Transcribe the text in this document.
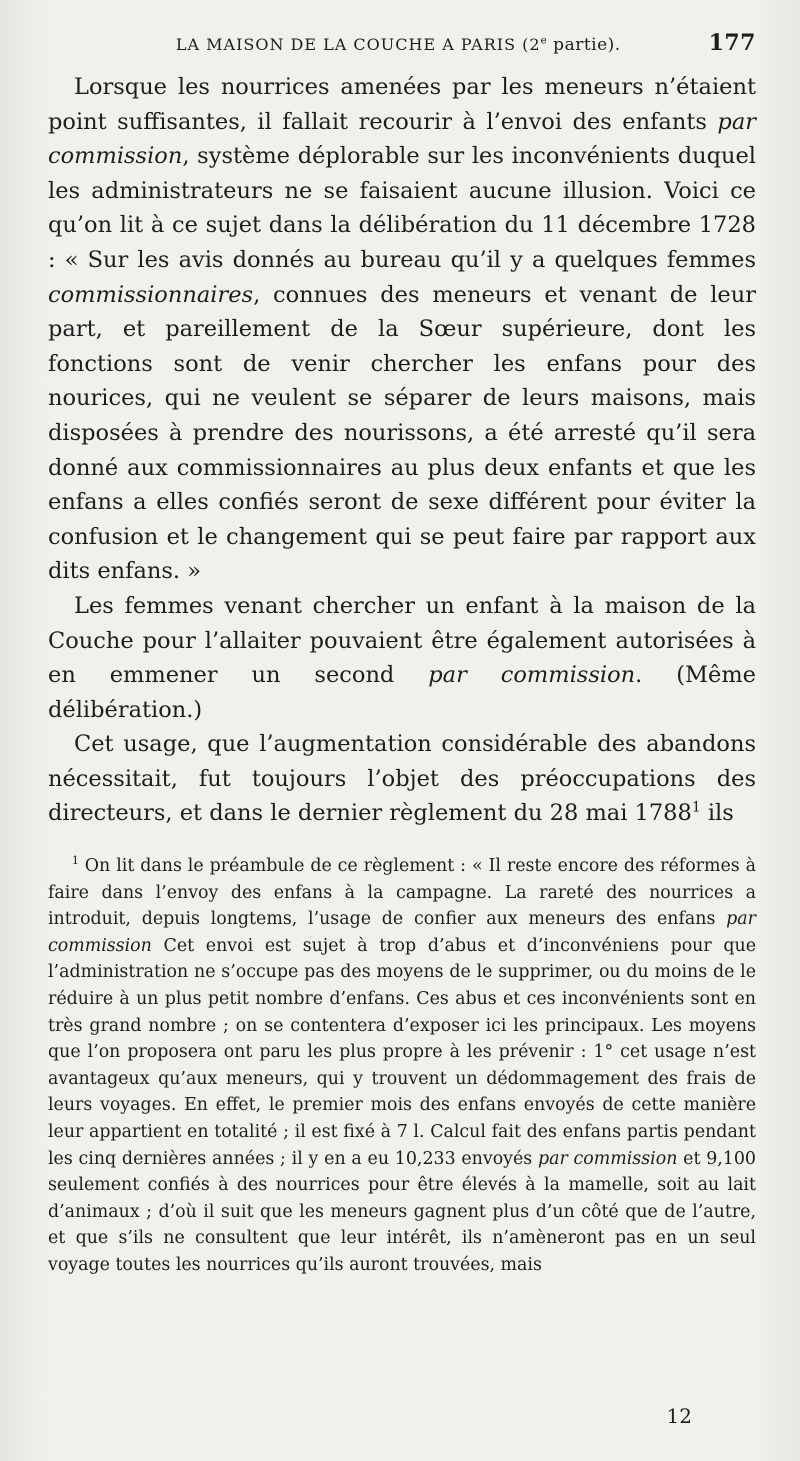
LA MAISON DE LA COUCHE A PARIS (2e partie).	177

Lorsque les nourrices amenées par les meneurs n’étaient point suffisantes, il fallait recourir à l’envoi des enfants par commission, système déplorable sur les inconvénients duquel les administrateurs ne se faisaient aucune illusion. Voici ce qu’on lit à ce sujet dans la délibération du 11 décembre 1728 : « Sur les avis donnés au bureau qu’il y a quelques femmes commissionnaires, connues des meneurs et venant de leur part, et pareillement de la Sœur supérieure, dont les fonctions sont de venir chercher les enfans pour des nourices, qui ne veulent se séparer de leurs maisons, mais disposées à prendre des nourissons, a été arresté qu’il sera donné aux commissionnaires au plus deux enfants et que les enfans a elles confiés seront de sexe différent pour éviter la confusion et le changement qui se peut faire par rapport aux dits enfans. »

Les femmes venant chercher un enfant à la maison de la Couche pour l’allaiter pouvaient être également autorisées à en emmener un second par commission. (Même délibération.)

Cet usage, que l’augmentation considérable des abandons nécessitait, fut toujours l’objet des préoccupations des directeurs, et dans le dernier règlement du 28 mai 1788$^1$ ils

$^1$ On lit dans le préambule de ce règlement : « Il reste encore des réformes à faire dans l’envoy des enfans à la campagne. La rareté des nourrices a introduit, depuis longtems, l’usage de confier aux meneurs des enfans par commission Cet envoi est sujet à trop d’abus et d’inconvéniens pour que l’administration ne s’occupe pas des moyens de le supprimer, ou du moins de le réduire à un plus petit nombre d’enfans. Ces abus et ces inconvénients sont en très grand nombre ; on se contentera d’exposer ici les principaux. Les moyens que l’on proposera ont paru les plus propre à les prévenir : 1° cet usage n’est avantageux qu’aux meneurs, qui y trouvent un dédommagement des frais de leurs voyages. En effet, le premier mois des enfans envoyés de cette manière leur appartient en totalité ; il est fixé à 7 l. Calcul fait des enfans partis pendant les cinq dernières années ; il y en a eu 10,233 envoyés par commission et 9,100 seulement confiés à des nourrices pour être élevés à la mamelle, soit au lait d’animaux ; d’où il suit que les meneurs gagnent plus d’un côté que de l’autre, et que s’ils ne consultent que leur intérêt, ils n’amèneront pas en un seul voyage toutes les nourrices qu’ils auront trouvées, mais

12
